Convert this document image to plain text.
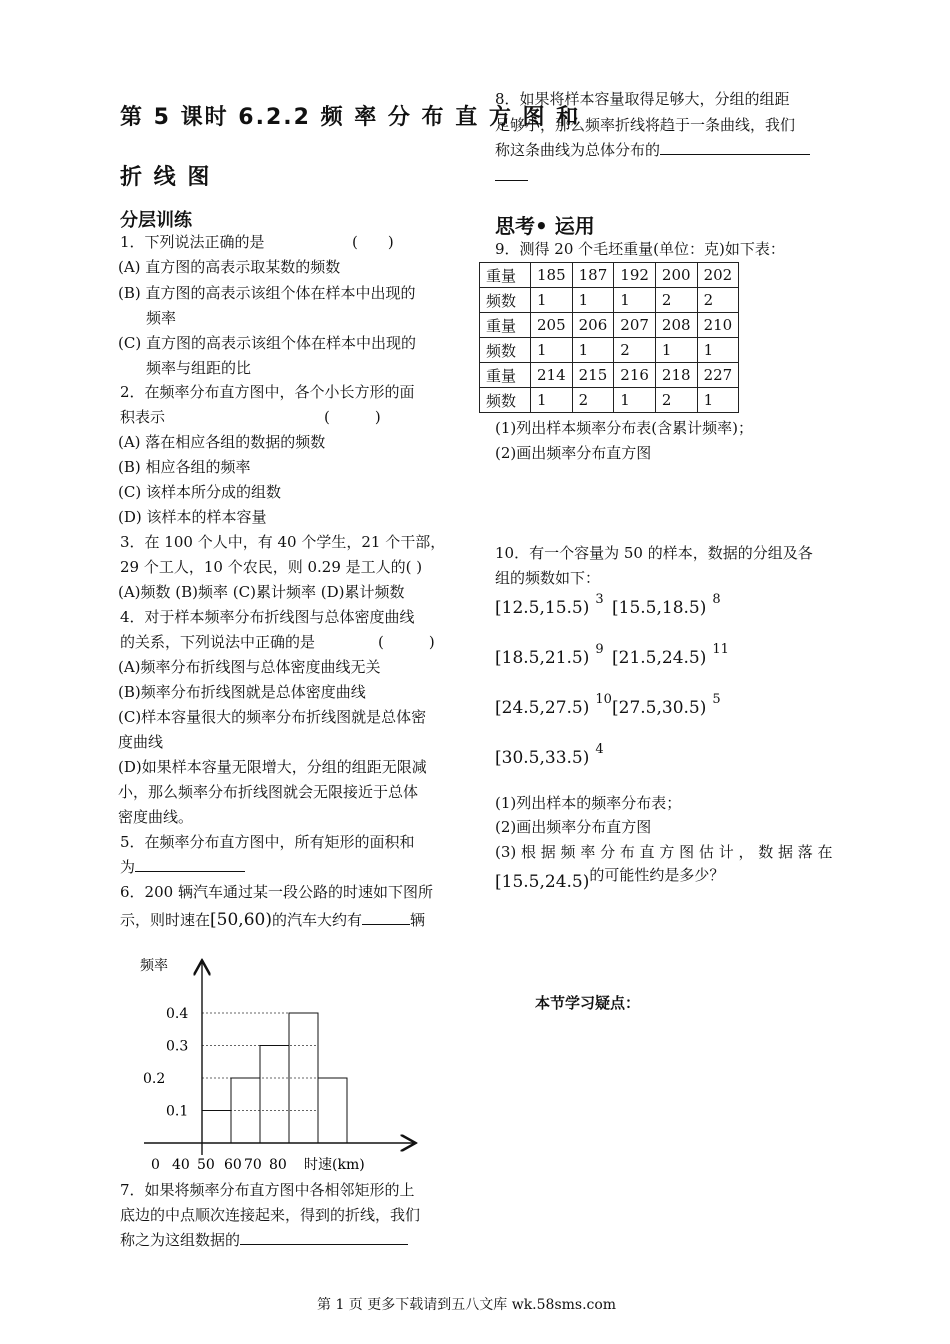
第 5 课时 6.2.2 频 率 分 布 直 方 图 和
折 线 图
分层训练
1．下列说法正确的是	(　　)
(A) 直方图的高表示取某数的频数
(B) 直方图的高表示该组个体在样本中出现的
频率
(C) 直方图的高表示该组个体在样本中出现的
频率与组距的比
2．在频率分布直方图中，各个小长方形的面
积表示	(　　　)
(A) 落在相应各组的数据的频数
(B) 相应各组的频率
(C) 该样本所分成的组数
(D) 该样本的样本容量
3．在 100 个人中，有 40 个学生，21 个干部，
29 个工人，10 个农民，则 0.29 是工人的( )
(A)频数 (B)频率 (C)累计频率 (D)累计频数
4．对于样本频率分布折线图与总体密度曲线
的关系，下列说法中正确的是	(　　　)
(A)频率分布折线图与总体密度曲线无关
(B)频率分布折线图就是总体密度曲线
(C)样本容量很大的频率分布折线图就是总体密
度曲线
(D)如果样本容量无限增大，分组的组距无限减
小，那么频率分布折线图就会无限接近于总体
密度曲线。
5．在频率分布直方图中，所有矩形的面积和
为
6．200 辆汽车通过某一段公路的时速如下图所
示，则时速在[50,60)的汽车大约有	辆
频率
0.4
0.3
0.2
0.1
0 40 50 60 70 80 时速(km)
7．如果将频率分布直方图中各相邻矩形的上
底边的中点顺次连接起来，得到的折线，我们
称之为这组数据的
8．如果将样本容量取得足够大，分组的组距
足够小，那么频率折线将趋于一条曲线，我们
称这条曲线为总体分布的
思考• 运用
9．测得 20 个毛坯重量(单位：克)如下表：
重量	185	187	192	200	202
频数	1	1	1	2	2
重量	205	206	207	208	210
频数	1	1	2	1	1
重量	214	215	216	218	227
频数	1	2	1	2	1
(1)列出样本频率分布表(含累计频率)；
(2)画出频率分布直方图
10．有一个容量为 50 的样本，数据的分组及各
组的频数如下：
[12.5,15.5) $^3$ [15.5,18.5) $^8$
[18.5,21.5) $^9$ [21.5,24.5) $^{11}$
[24.5,27.5) $^{10}$ [27.5,30.5) $^5$
[30.5,33.5) $^4$
(1)列出样本的频率分布表；
(2)画出频率分布直方图
(3) 根 据 频 率 分 布 直 方 图 估 计 ， 数 据 落 在
[15.5,24.5)的可能性约是多少？
本节学习疑点：
第 1 页 更多下载请到五八文库 wk.58sms.com
